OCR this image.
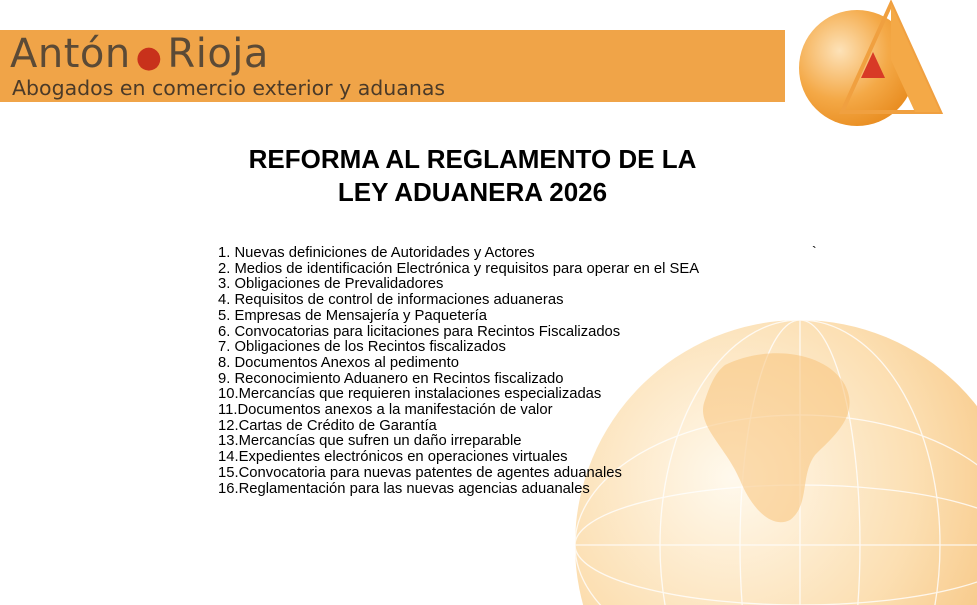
Antón ● Rioja
Abogados en comercio exterior y aduanas
REFORMA AL REGLAMENTO DE LA
LEY ADUANERA 2026
1. Nuevas definiciones de Autoridades y Actores
2. Medios de identificación Electrónica y requisitos para operar en el SEA
3. Obligaciones de Prevalidadores
4. Requisitos de control de informaciones aduaneras
5. Empresas de Mensajería y Paquetería
6. Convocatorias para licitaciones para Recintos Fiscalizados
7. Obligaciones de los Recintos fiscalizados
8. Documentos Anexos al pedimento
9. Reconocimiento Aduanero en Recintos fiscalizado
10.Mercancías que requieren instalaciones especializadas
11.Documentos anexos a la manifestación de valor
12.Cartas de Crédito de Garantía
13.Mercancías que sufren un daño irreparable
14.Expedientes electrónicos en operaciones virtuales
15.Convocatoria para nuevas patentes de agentes aduanales
16.Reglamentación para las nuevas agencias aduanales
`
